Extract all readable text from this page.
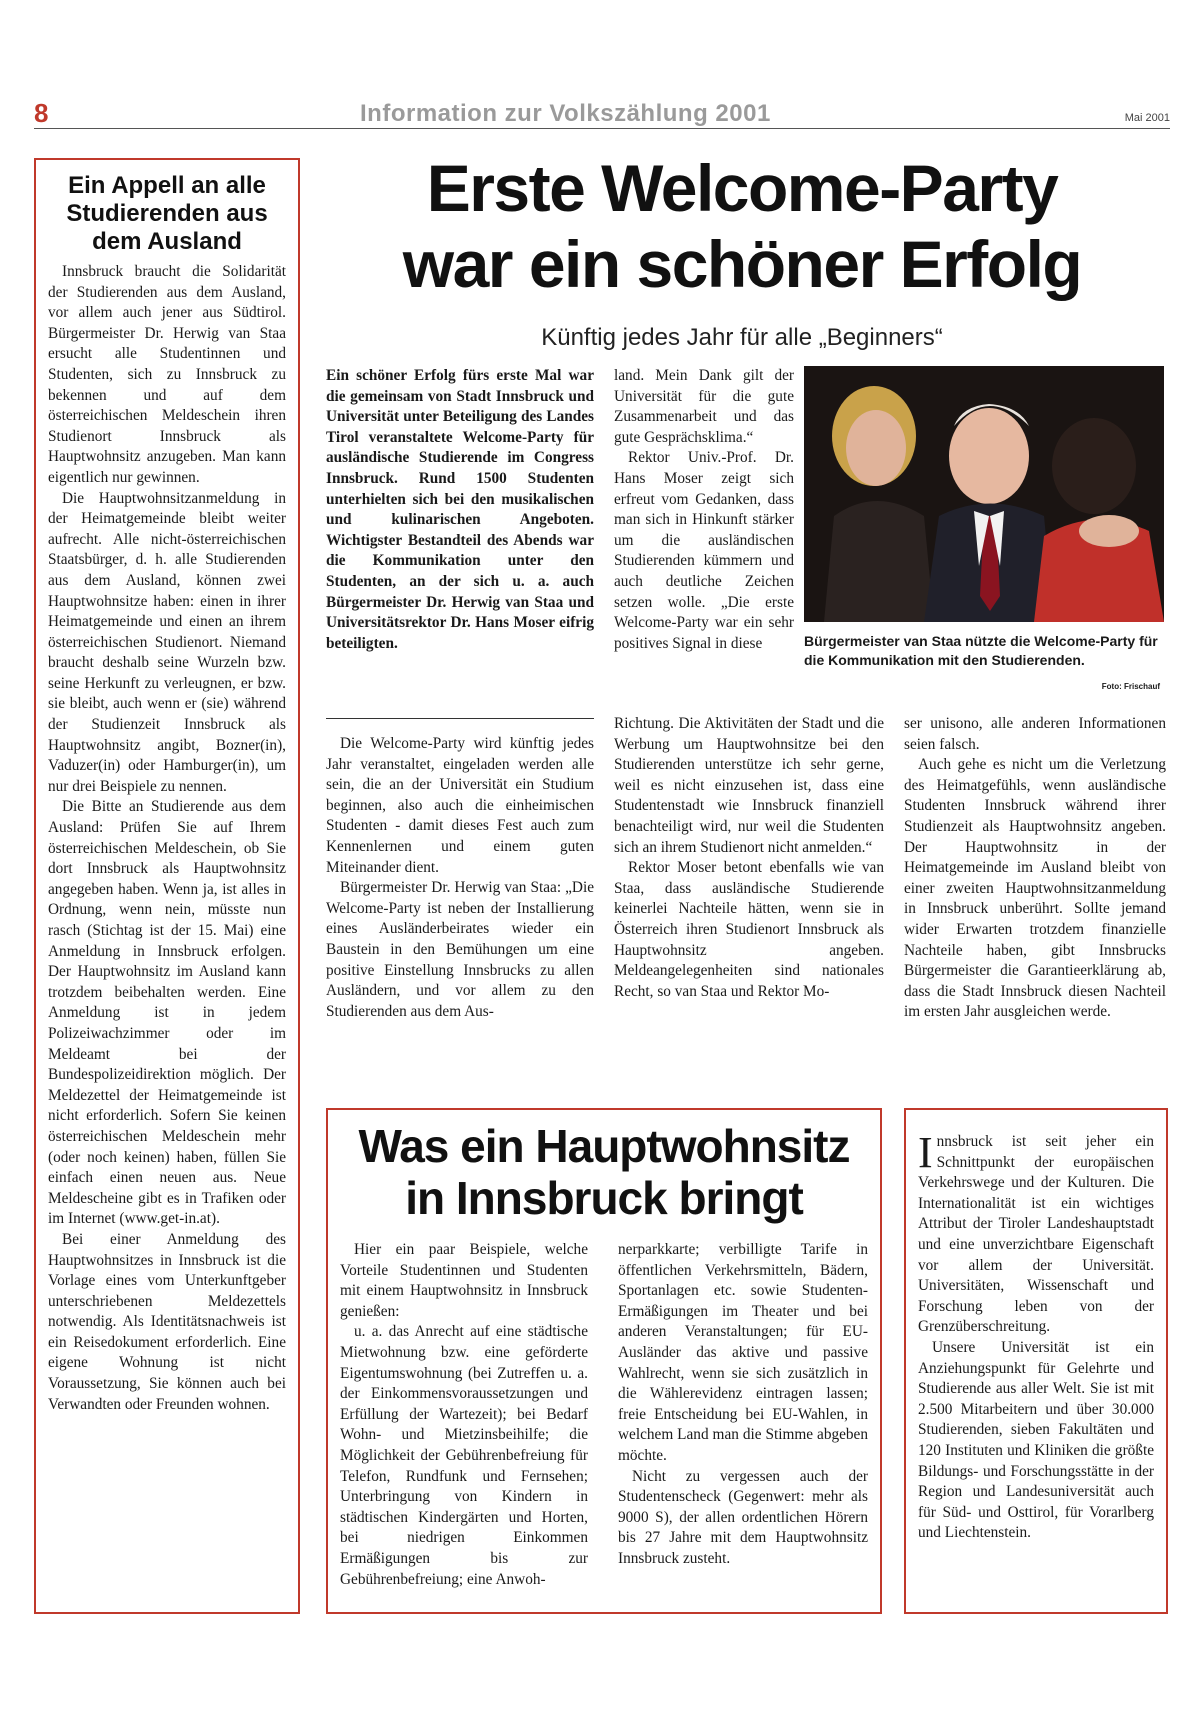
8	Information zur Volkszählung 2001	Mai 2001
Ein Appell an alle Studierenden aus dem Ausland

Innsbruck braucht die Solidarität der Studierenden aus dem Ausland, vor allem auch jener aus Südtirol. Bürgermeister Dr. Herwig van Staa ersucht alle Studentinnen und Studenten, sich zu Innsbruck zu bekennen und auf dem österreichischen Meldeschein ihren Studienort Innsbruck als Hauptwohnsitz anzugeben. Man kann eigentlich nur gewinnen.

Die Hauptwohnsitzanmeldung in der Heimatgemeinde bleibt weiter aufrecht. Alle nicht-österreichischen Staatsbürger, d. h. alle Studierenden aus dem Ausland, können zwei Hauptwohnsitze haben: einen in ihrer Heimatgemeinde und einen an ihrem österreichischen Studienort. Niemand braucht deshalb seine Wurzeln bzw. seine Herkunft zu verleugnen, er bzw. sie bleibt, auch wenn er (sie) während der Studienzeit Innsbruck als Hauptwohnsitz angibt, Bozner(in), Vaduzer(in) oder Hamburger(in), um nur drei Beispiele zu nennen.

Die Bitte an Studierende aus dem Ausland: Prüfen Sie auf Ihrem österreichischen Meldeschein, ob Sie dort Innsbruck als Hauptwohnsitz angegeben haben. Wenn ja, ist alles in Ordnung, wenn nein, müsste nun rasch (Stichtag ist der 15. Mai) eine Anmeldung in Innsbruck erfolgen. Der Hauptwohnsitz im Ausland kann trotzdem beibehalten werden. Eine Anmeldung ist in jedem Polizeiwachzimmer oder im Meldeamt bei der Bundespolizeidirektion möglich. Der Meldezettel der Heimatgemeinde ist nicht erforderlich. Sofern Sie keinen österreichischen Meldeschein mehr (oder noch keinen) haben, füllen Sie einfach einen neuen aus. Neue Meldescheine gibt es in Trafiken oder im Internet (www.get-in.at).

Bei einer Anmeldung des Hauptwohnsitzes in Innsbruck ist die Vorlage eines vom Unterkunftgeber unterschriebenen Meldezettels notwendig. Als Identitätsnachweis ist ein Reisedokument erforderlich. Eine eigene Wohnung ist nicht Voraussetzung, Sie können auch bei Verwandten oder Freunden wohnen.

Erste Welcome-Party
war ein schöner Erfolg
Künftig jedes Jahr für alle „Beginners“
Ein schöner Erfolg fürs erste Mal war die gemeinsam von Stadt Innsbruck und Universität unter Beteiligung des Landes Tirol veranstaltete Welcome-Party für ausländische Studierende im Congress Innsbruck. Rund 1500 Studenten unterhielten sich bei den musikalischen und kulinarischen Angeboten. Wichtigster Bestandteil des Abends war die Kommunikation unter den Studenten, an der sich u. a. auch Bürgermeister Dr. Herwig van Staa und Universitätsrektor Dr. Hans Moser eifrig beteiligten.

Die Welcome-Party wird künftig jedes Jahr veranstaltet, eingeladen werden alle sein, die an der Universität ein Studium beginnen, also auch die einheimischen Studenten - damit dieses Fest auch zum Kennenlernen und einem guten Miteinander dient.

Bürgermeister Dr. Herwig van Staa: „Die Welcome-Party ist neben der Installierung eines Ausländerbeirates wieder ein Baustein in den Bemühungen um eine positive Einstellung Innsbrucks zu allen Ausländern, und vor allem zu den Studierenden aus dem Aus-

land. Mein Dank gilt der Universität für die gute Zusammenarbeit und das gute Gesprächsklima.“

Rektor Univ.-Prof. Dr. Hans Moser zeigt sich erfreut vom Gedanken, dass man sich in Hinkunft stärker um die ausländischen Studierenden kümmern und auch deutliche Zeichen setzen wolle. „Die erste Welcome-Party war ein sehr positives Signal in diese	Bürgermeister van Staa nützte die Welcome-Party für die Kommunikation mit den Studierenden.
Foto: Frischauf

Richtung. Die Aktivitäten der Stadt und die Werbung um Hauptwohnsitze bei den Studierenden unterstütze ich sehr gerne, weil es nicht einzusehen ist, dass eine Studentenstadt wie Innsbruck finanziell benachteiligt wird, nur weil die Studenten sich an ihrem Studienort nicht anmelden.“

Rektor Moser betont ebenfalls wie van Staa, dass ausländische Studierende keinerlei Nachteile hätten, wenn sie in Österreich ihren Studienort Innsbruck als Hauptwohnsitz angeben. Meldeangelegenheiten sind nationales Recht, so van Staa und Rektor Mo-

ser unisono, alle anderen Informationen seien falsch.

Auch gehe es nicht um die Verletzung des Heimatgefühls, wenn ausländische Studenten Innsbruck während ihrer Studienzeit als Hauptwohnsitz angeben. Der Hauptwohnsitz in der Heimatgemeinde im Ausland bleibt von einer zweiten Hauptwohnsitzanmeldung in Innsbruck unberührt. Sollte jemand wider Erwarten trotzdem finanzielle Nachteile haben, gibt Innsbrucks Bürgermeister die Garantieerklärung ab, dass die Stadt Innsbruck diesen Nachteil im ersten Jahr ausgleichen werde.

Was ein Hauptwohnsitz
in Innsbruck bringt

Hier ein paar Beispiele, welche Vorteile Studentinnen und Studenten mit einem Hauptwohnsitz in Innsbruck genießen:

u. a. das Anrecht auf eine städtische Mietwohnung bzw. eine geförderte Eigentumswohnung (bei Zutreffen u. a. der Einkommensvoraussetzungen und Erfüllung der Wartezeit); bei Bedarf Wohn- und Mietzinsbeihilfe; die Möglichkeit der Gebührenbefreiung für Telefon, Rundfunk und Fernsehen; Unterbringung von Kindern in städtischen Kindergärten und Horten, bei niedrigen Einkommen Ermäßigungen bis zur Gebührenbefreiung; eine Anwoh-

nerparkkarte; verbilligte Tarife in öffentlichen Verkehrsmitteln, Bädern, Sportanlagen etc. sowie Studenten-Ermäßigungen im Theater und bei anderen Veranstaltungen; für EU-Ausländer das aktive und passive Wahlrecht, wenn sie sich zusätzlich in die Wählerevidenz eintragen lassen; freie Entscheidung bei EU-Wahlen, in welchem Land man die Stimme abgeben möchte.

Nicht zu vergessen auch der Studentenscheck (Gegenwert: mehr als 9000 S), der allen ordentlichen Hörern bis 27 Jahre mit dem Hauptwohnsitz Innsbruck zusteht.

Innsbruck ist seit jeher ein Schnittpunkt der europäischen Verkehrswege und der Kulturen. Die Internationalität ist ein wichtiges Attribut der Tiroler Landeshauptstadt und eine unverzichtbare Eigenschaft vor allem der Universität. Universitäten, Wissenschaft und Forschung leben von der Grenzüberschreitung.

Unsere Universität ist ein Anziehungspunkt für Gelehrte und Studierende aus aller Welt. Sie ist mit 2.500 Mitarbeitern und über 30.000 Studierenden, sieben Fakultäten und 120 Instituten und Kliniken die größte Bildungs- und Forschungsstätte in der Region und Landesuniversität auch für Süd- und Osttirol, für Vorarlberg und Liechtenstein.
